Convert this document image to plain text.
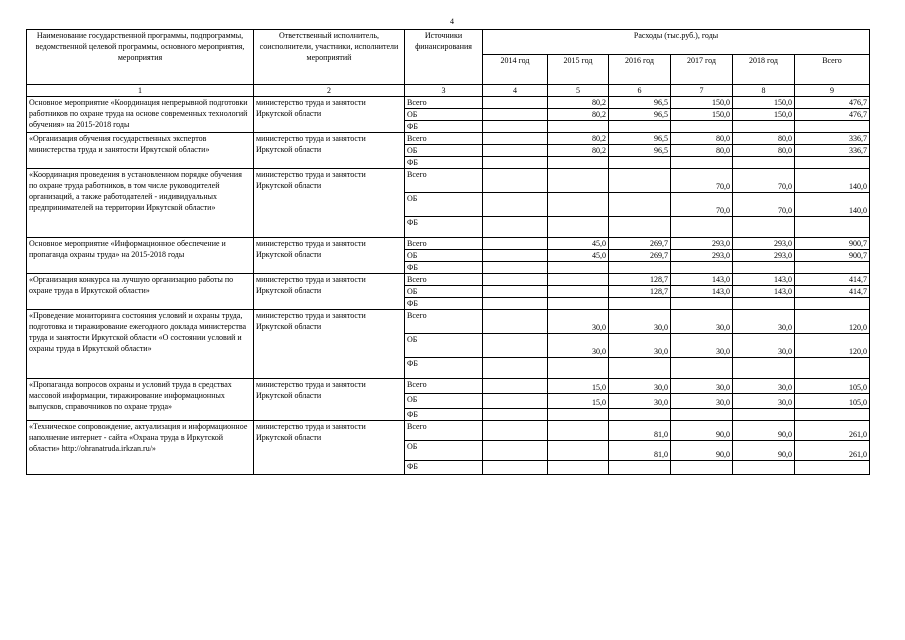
4
Наименование государственной программы, подпрограммы, ведомственной целевой программы, основного мероприятия, мероприятия	Ответственный исполнитель, соисполнители, участники, исполнители мероприятий	Источники финансирования	Расходы (тыс.руб.), годы					
			2014 год	2015 год	2016 год	2017 год	2018 год	Всего
1	2	3	4	5	6	7	8	9
Основное мероприятие «Координация непрерывной подготовки работников по охране труда на основе современных технологий обучения» на 2015-2018 годы	министерство труда и занятости Иркутской области	Всего		80,2	96,5	150,0	150,0	476,7
		ОБ		80,2	96,5	150,0	150,0	476,7
		ФБ						
«Организация обучения государственных экспертов министерства труда и занятости Иркутской области»	министерство труда и занятости Иркутской области	Всего		80,2	96,5	80,0	80,0	336,7
		ОБ		80,2	96,5	80,0	80,0	336,7
		ФБ						
«Координация проведения в установленном порядке обучения по охране труда работников, в том числе руководителей организаций, а также работодателей - индивидуальных предпринимателей на территории Иркутской области»	министерство труда и занятости Иркутской области	Всего				70,0	70,0	140,0
		ОБ				70,0	70,0	140,0
		ФБ						
Основное мероприятие «Информационное обеспечение и пропаганда охраны труда» на 2015-2018 годы	министерство труда и занятости Иркутской области	Всего		45,0	269,7	293,0	293,0	900,7
		ОБ		45,0	269,7	293,0	293,0	900,7
		ФБ						
«Организация конкурса на лучшую организацию работы по охране труда в Иркутской области»	министерство труда и занятости Иркутской области	Всего			128,7	143,0	143,0	414,7
		ОБ			128,7	143,0	143,0	414,7
		ФБ						
«Проведение мониторинга состояния условий и охраны труда, подготовка и тиражирование ежегодного доклада министерства труда и занятости Иркутской области «О состоянии условий и охраны труда в Иркутской области»	министерство труда и занятости Иркутской области	Всего		30,0	30,0	30,0	30,0	120,0
		ОБ		30,0	30,0	30,0	30,0	120,0
		ФБ						
«Пропаганда вопросов охраны и условий труда в средствах массовой информации, тиражирование информационных выпусков, справочников по охране труда»	министерство труда и занятости Иркутской области	Всего		15,0	30,0	30,0	30,0	105,0
		ОБ		15,0	30,0	30,0	30,0	105,0
		ФБ						
«Техническое сопровождение, актуализация и информационное наполнение интернет - сайта «Охрана труда в Иркутской области» http://ohranatruda.irkzan.ru/»	министерство труда и занятости Иркутской области	Всего			81,0	90,0	90,0	261,0
		ОБ			81,0	90,0	90,0	261,0
		ФБ						
